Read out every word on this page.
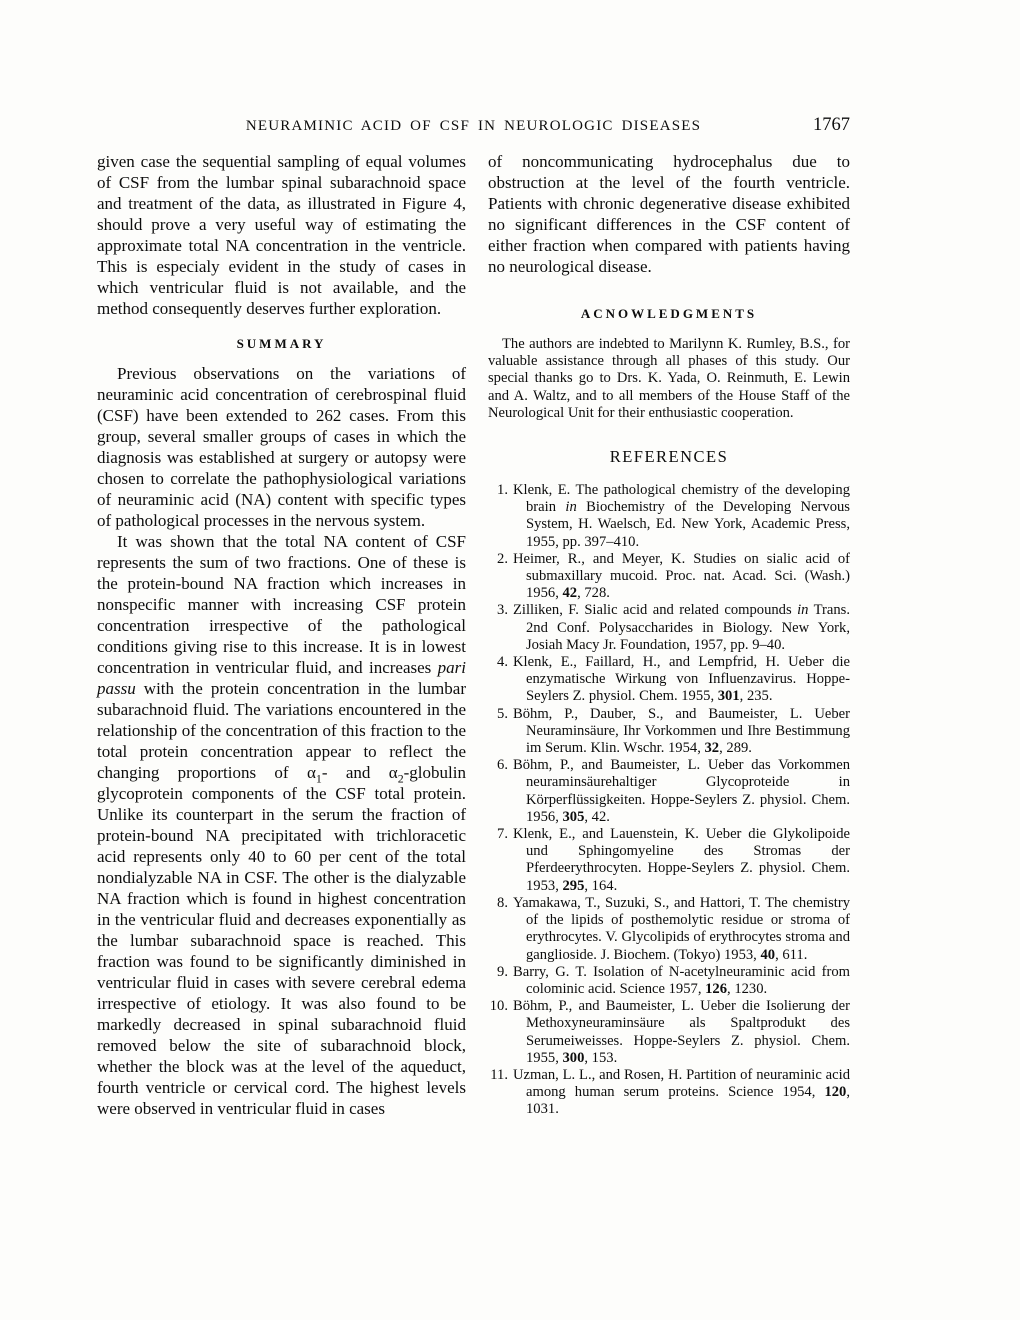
NEURAMINIC ACID OF CSF IN NEUROLOGIC DISEASES	1767

given case the sequential sampling of equal volumes of CSF from the lumbar spinal subarachnoid space and treatment of the data, as illustrated in Figure 4, should prove a very useful way of estimating the approximate total NA concentration in the ventricle. This is especialy evident in the study of cases in which ventricular fluid is not available, and the method consequently deserves further exploration.

SUMMARY

Previous observations on the variations of neuraminic acid concentration of cerebrospinal fluid (CSF) have been extended to 262 cases. From this group, several smaller groups of cases in which the diagnosis was established at surgery or autopsy were chosen to correlate the pathophysiological variations of neuraminic acid (NA) content with specific types of pathological processes in the nervous system.

It was shown that the total NA content of CSF represents the sum of two fractions. One of these is the protein-bound NA fraction which increases in nonspecific manner with increasing CSF protein concentration irrespective of the pathological conditions giving rise to this increase. It is in lowest concentration in ventricular fluid, and increases pari passu with the protein concentration in the lumbar subarachnoid fluid. The variations encountered in the relationship of the concentration of this fraction to the total protein concentration appear to reflect the changing proportions of $\alpha_1-$ and $\alpha_2$-globulin glycoprotein components of the CSF total protein. Unlike its counterpart in the serum the fraction of protein-bound NA precipitated with trichloracetic acid represents only 40 to 60 per cent of the total nondialyzable NA in CSF. The other is the dialyzable NA fraction which is found in highest concentration in the ventricular fluid and decreases exponentially as the lumbar subarachnoid space is reached. This fraction was found to be significantly diminished in ventricular fluid in cases with severe cerebral edema irrespective of etiology. It was also found to be markedly decreased in spinal subarachnoid fluid removed below the site of subarachnoid block, whether the block was at the level of the aqueduct, fourth ventricle or cervical cord. The highest levels were observed in ventricular fluid in cases

of noncommunicating hydrocephalus due to obstruction at the level of the fourth ventricle. Patients with chronic degenerative disease exhibited no significant differences in the CSF content of either fraction when compared with patients having no neurological disease.

ACNOWLEDGMENTS

The authors are indebted to Marilynn K. Rumley, B.S., for valuable assistance through all phases of this study. Our special thanks go to Drs. K. Yada, O. Reinmuth, E. Lewin and A. Waltz, and to all members of the House Staff of the Neurological Unit for their enthusiastic cooperation.

REFERENCES

1. Klenk, E. The pathological chemistry of the developing brain in Biochemistry of the Developing Nervous System, H. Waelsch, Ed. New York, Academic Press, 1955, pp. 397–410.

2. Heimer, R., and Meyer, K. Studies on sialic acid of submaxillary mucoid. Proc. nat. Acad. Sci. (Wash.) 1956, 42, 728.

3. Zilliken, F. Sialic acid and related compounds in Trans. 2nd Conf. Polysaccharides in Biology. New York, Josiah Macy Jr. Foundation, 1957, pp. 9–40.

4. Klenk, E., Faillard, H., and Lempfrid, H. Ueber die enzymatische Wirkung von Influenzavirus. Hoppe-Seylers Z. physiol. Chem. 1955, 301, 235.

5. Böhm, P., Dauber, S., and Baumeister, L. Ueber Neuraminsäure, Ihr Vorkommen und Ihre Bestimmung im Serum. Klin. Wschr. 1954, 32, 289.

6. Böhm, P., and Baumeister, L. Ueber das Vorkommen neuraminsäurehaltiger Glycoproteide in Körperflüssigkeiten. Hoppe-Seylers Z. physiol. Chem. 1956, 305, 42.

7. Klenk, E., and Lauenstein, K. Ueber die Glykolipoide und Sphingomyeline des Stromas der Pferdeerythrocyten. Hoppe-Seylers Z. physiol. Chem. 1953, 295, 164.

8. Yamakawa, T., Suzuki, S., and Hattori, T. The chemistry of the lipids of posthemolytic residue or stroma of erythrocytes. V. Glycolipids of erythrocytes stroma and ganglioside. J. Biochem. (Tokyo) 1953, 40, 611.

9. Barry, G. T. Isolation of N-acetylneuraminic acid from colominic acid. Science 1957, 126, 1230.

10. Böhm, P., and Baumeister, L. Ueber die Isolierung der Methoxyneuraminsäure als Spaltprodukt des Serumeiweisses. Hoppe-Seylers Z. physiol. Chem. 1955, 300, 153.

11. Uzman, L. L., and Rosen, H. Partition of neuraminic acid among human serum proteins. Science 1954, 120, 1031.
